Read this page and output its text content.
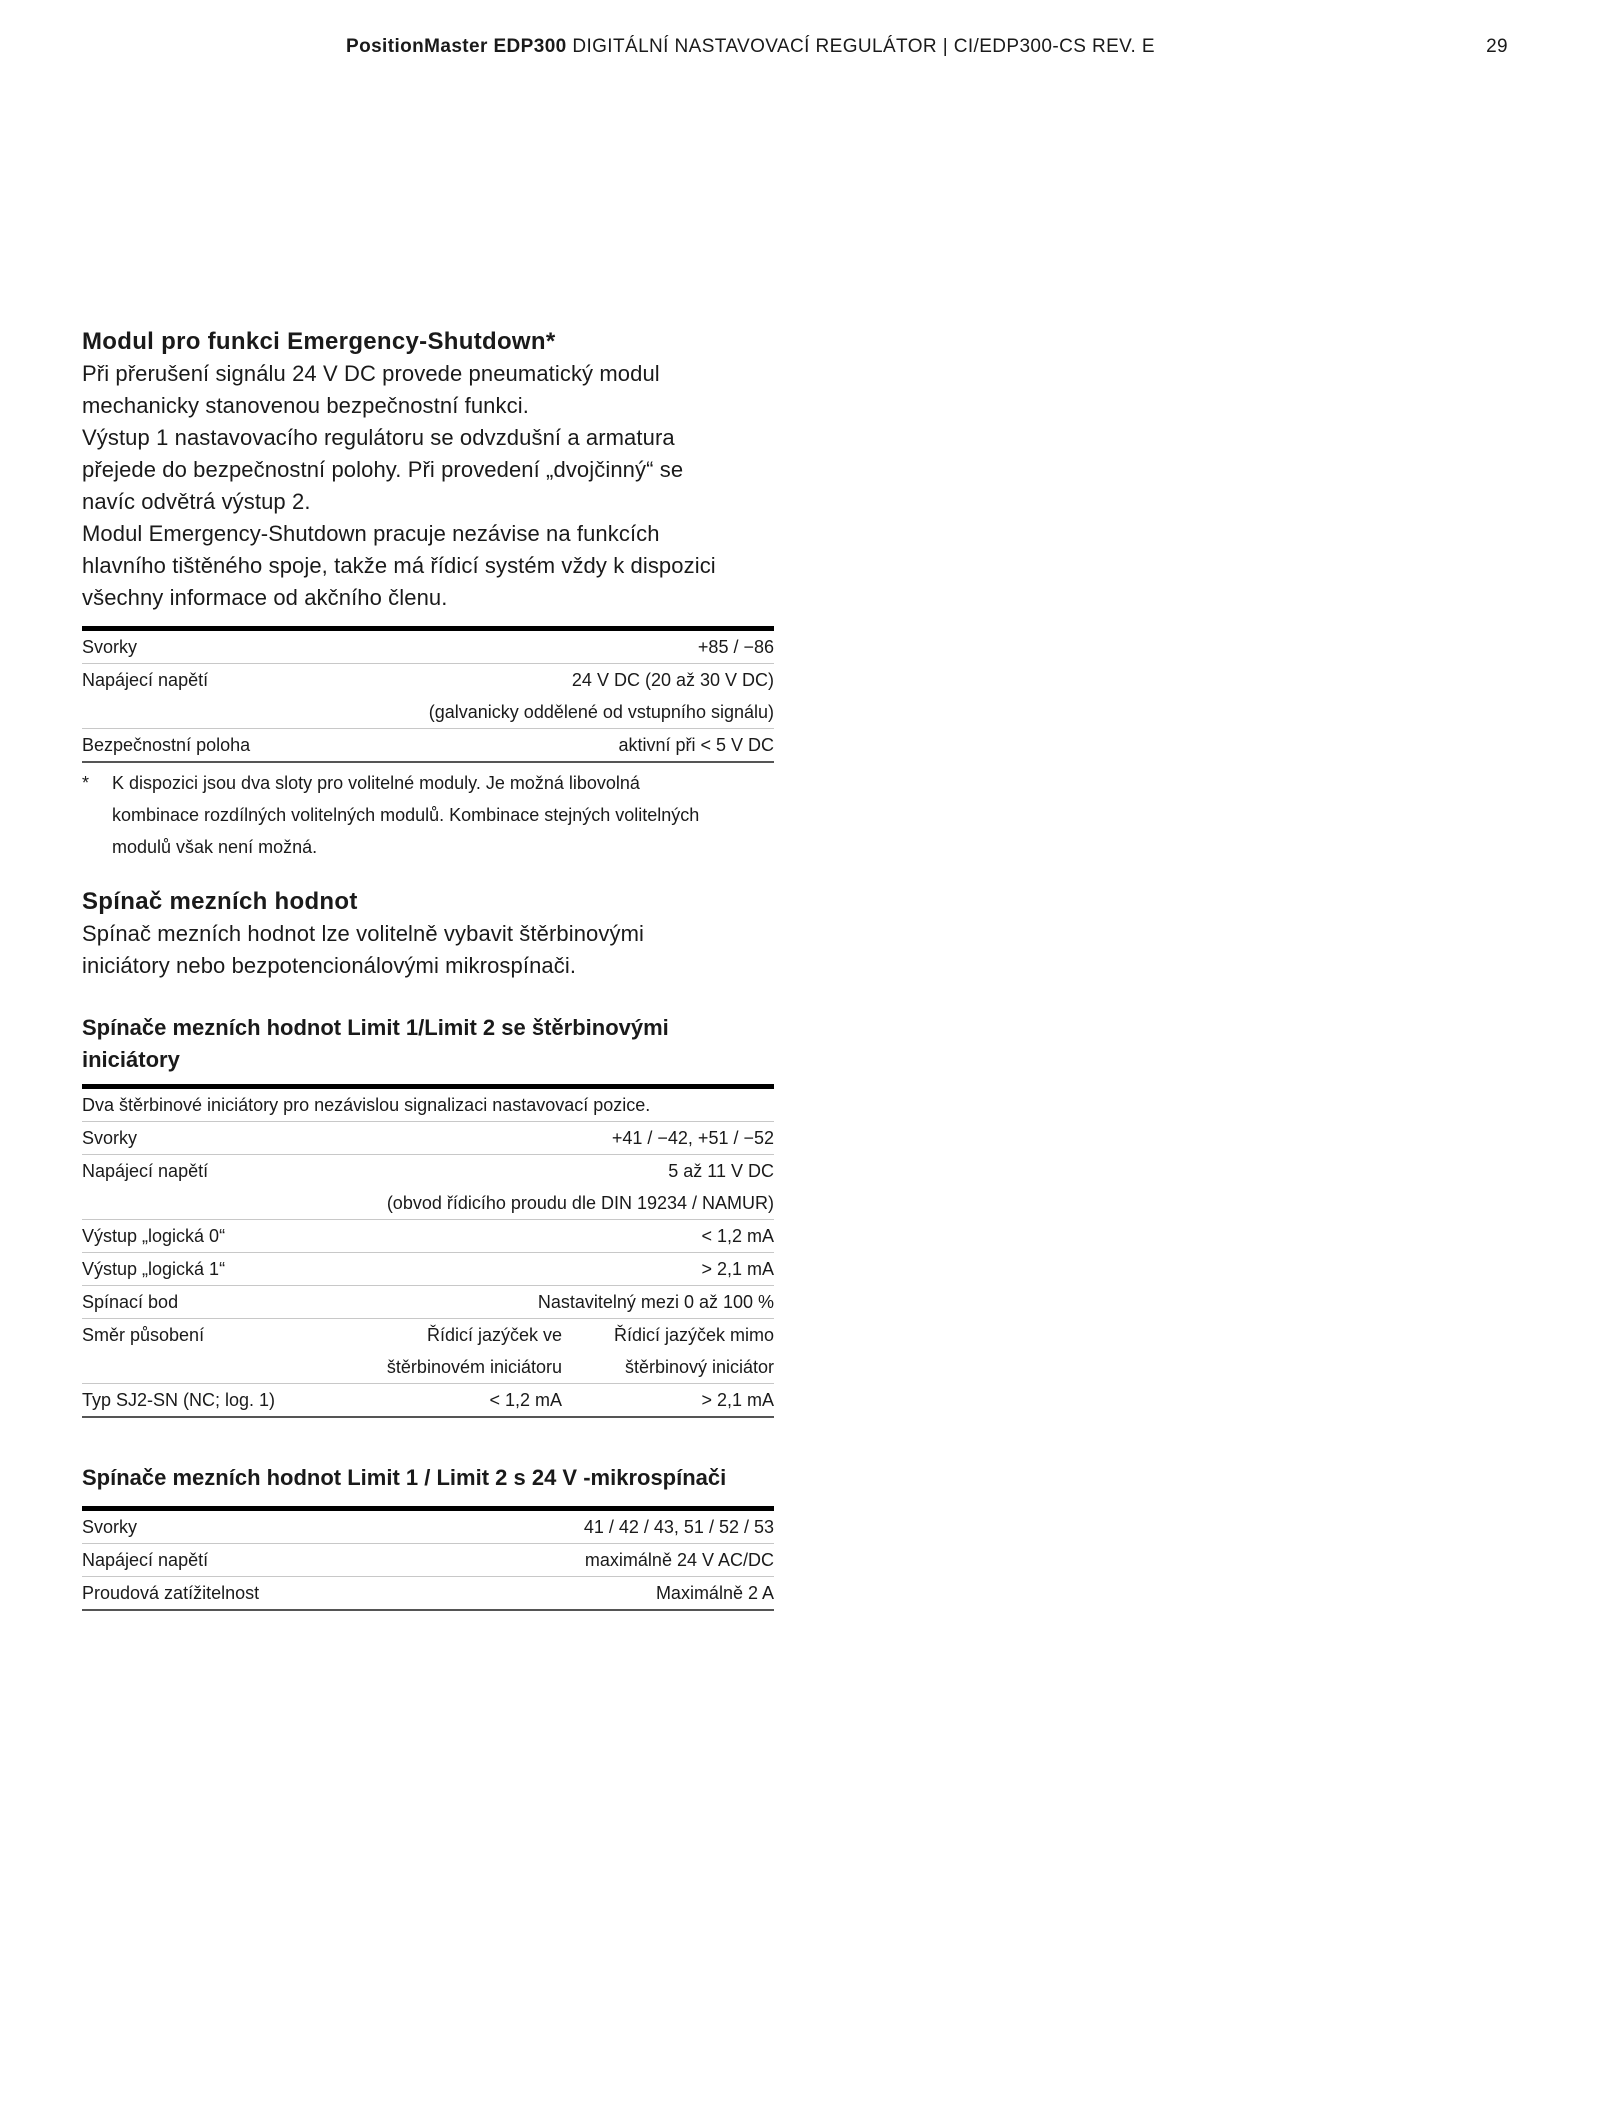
PositionMaster EDP300 DIGITÁLNÍ NASTAVOVACÍ REGULÁTOR | CI/EDP300-CS REV. E	29
Modul pro funkci Emergency-Shutdown*

Při přerušení signálu 24 V DC provede pneumatický modul
mechanicky stanovenou bezpečnostní funkci.
Výstup 1 nastavovacího regulátoru se odvzdušní a armatura
přejede do bezpečnostní polohy. Při provedení „dvojčinný“ se
navíc odvětrá výstup 2.
Modul Emergency-Shutdown pracuje nezávise na funkcích
hlavního tištěného spoje, takže má řídicí systém vždy k dispozici
všechny informace od akčního členu.

Svorky	+85 / −86
Napájecí napětí	24 V DC (20 až 30 V DC)
	(galvanicky oddělené od vstupního signálu)
Bezpečnostní poloha	aktivní při < 5 V DC
* K dispozici jsou dva sloty pro volitelné moduly. Je možná libovolná
kombinace rozdílných volitelných modulů. Kombinace stejných volitelných
modulů však není možná.
Spínač mezních hodnot

Spínač mezních hodnot lze volitelně vybavit štěrbinovými
iniciátory nebo bezpotencionálovými mikrospínači.

Spínače mezních hodnot Limit 1/Limit 2 se štěrbinovými
iniciátory
Dva štěrbinové iniciátory pro nezávislou signalizaci nastavovací pozice.		
Svorky	+41 / −42, +51 / −52	
Napájecí napětí	5 až 11 V DC	
	(obvod řídicího proudu dle DIN 19234 / NAMUR)	
Výstup „logická 0“	< 1,2 mA	
Výstup „logická 1“	> 2,1 mA	
Spínací bod	Nastavitelný mezi 0 až 100 %	
Směr působení	Řídicí jazýček ve	Řídicí jazýček mimo
	štěrbinovém iniciátoru	štěrbinový iniciátor
Typ SJ2-SN (NC; log. 1)	< 1,2 mA	> 2,1 mA
Spínače mezních hodnot Limit 1 / Limit 2 s 24 V -mikrospínači
Svorky	41 / 42 / 43, 51 / 52 / 53
Napájecí napětí	maximálně 24 V AC/DC
Proudová zatížitelnost	Maximálně 2 A
